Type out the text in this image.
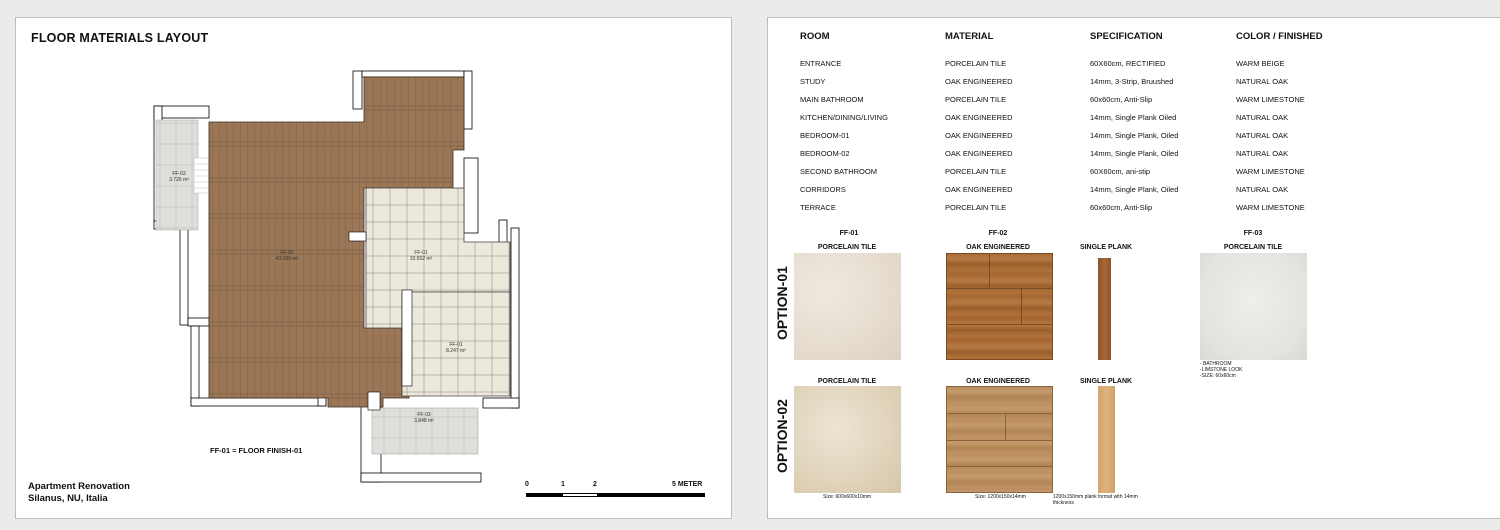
FLOOR MATERIALS LAYOUT
FF-02
43.196 m²
FF-01
10.552 m²
FF-01
8.247 m²
FF-03
3.726 m²
FF-03
3.848 m²
FF-01 = FLOOR FINISH-01
Apartment Renovation
Silanus, NU, Italia
0	1	2	5 METER
ROOM	MATERIAL	SPECIFICATION	COLOR / FINISHED
ENTRANCE	PORCELAIN TILE	60X60cm, RECTIFIED	WARM BEIGE
STUDY	OAK ENGINEERED	14mm, 3-Strip, Bruushed	NATURAL OAK
MAIN BATHROOM	PORCELAIN TILE	60x60cm, Anti-Slip	WARM LIMESTONE
KITCHEN/DINING/LIVING	OAK ENGINEERED	14mm, Single Plank Oiled	NATURAL OAK
BEDROOM-01	OAK ENGINEERED	14mm, Single Plank, Oiled	NATURAL OAK
BEDROOM-02	OAK ENGINEERED	14mm, Single Plank, Oiled	NATURAL OAK
SECOND BATHROOM	PORCELAIN TILE	60X60cm, ani-stip	WARM LIMESTONE
CORRIDORS	OAK ENGINEERED	14mm, Single Plank, Oiled	NATURAL OAK
TERRACE	PORCELAIN TILE	60x60cm, Anti-Slip	WARM LIMESTONE
FF-01	FF-02	FF-03
PORCELAIN TILE	OAK ENGINEERED	SINGLE PLANK	PORCELAIN TILE
OPTION-01
OPTION-02
- BATHROOM
-LIMSTONE LOOK
-SIZE: 60x60cm
PORCELAIN TILE	OAK ENGINEERED	SINGLE PLANK
Size: 600x600x10mm	Size: 1200x150x14mm	1200x150mm plank format with 14mm thickness
